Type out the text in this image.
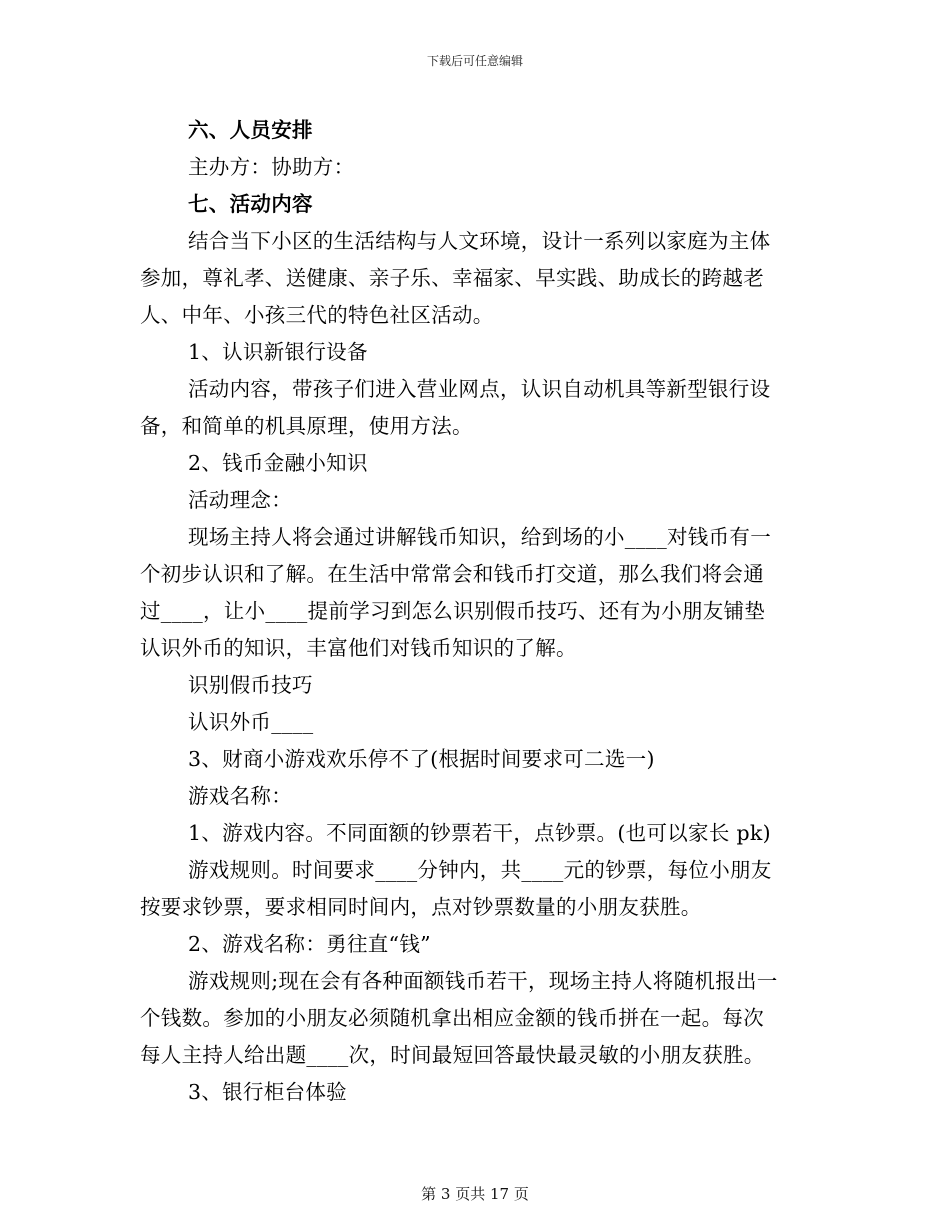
下载后可任意编辑
六、人员安排
主办方：协助方：
七、活动内容
结合当下小区的生活结构与人文环境，设计一系列以家庭为主体
参加，尊礼孝、送健康、亲子乐、幸福家、早实践、助成长的跨越老
人、中年、小孩三代的特色社区活动。
1、认识新银行设备
活动内容，带孩子们进入营业网点，认识自动机具等新型银行设
备，和简单的机具原理，使用方法。
2、钱币金融小知识
活动理念：
现场主持人将会通过讲解钱币知识，给到场的小____对钱币有一
个初步认识和了解。在生活中常常会和钱币打交道，那么我们将会通
过____，让小____提前学习到怎么识别假币技巧、还有为小朋友铺垫
认识外币的知识，丰富他们对钱币知识的了解。
识别假币技巧
认识外币____
3、财商小游戏欢乐停不了(根据时间要求可二选一)
游戏名称：
1、游戏内容。不同面额的钞票若干，点钞票。(也可以家长 pk)
游戏规则。时间要求____分钟内，共____元的钞票，每位小朋友
按要求钞票，要求相同时间内，点对钞票数量的小朋友获胜。
2、游戏名称：勇往直“钱”
游戏规则;现在会有各种面额钱币若干，现场主持人将随机报出一
个钱数。参加的小朋友必须随机拿出相应金额的钱币拼在一起。每次
每人主持人给出题____次，时间最短回答最快最灵敏的小朋友获胜。
3、银行柜台体验
第 3 页共 17 页
